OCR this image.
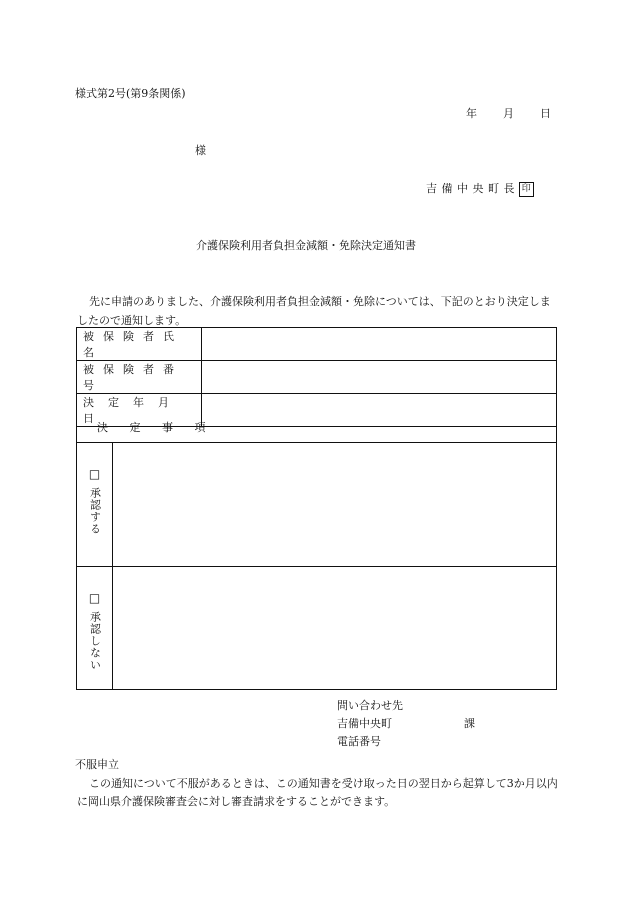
様式第2号(第9条関係)
年 月 日
様
吉 備 中 央 町 長 印
介護保険利用者負担金減額・免除決定通知書
先に申請のありました、介護保険利用者負担金減額・免除については、下記のとおり決定しましたので通知します。
被保険者氏名	
被保険者番号	
決定年月日	
決 定 事 項
□
承認する
□
承認しない
問い合わせ先
吉備中央町	課
電話番号
不服申立
この通知について不服があるときは、この通知書を受け取った日の翌日から起算して3か月以内に岡山県介護保険審査会に対し審査請求をすることができます。
